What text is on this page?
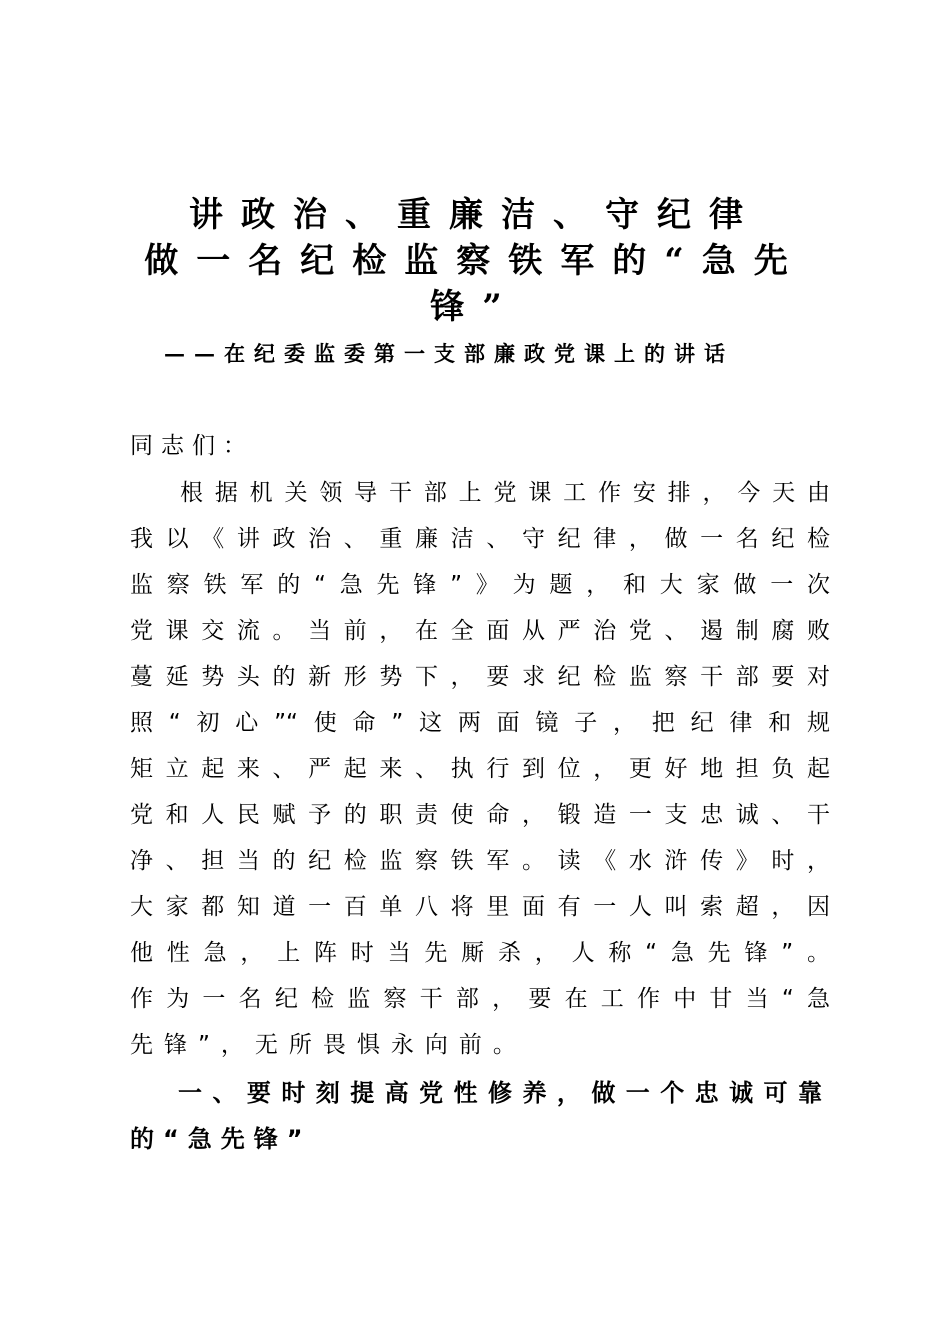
讲政治、重廉洁、守纪律
做一名纪检监察铁军的“急先
锋”
——在纪委监委第一支部廉政党课上的讲话
同志们：
根据机关领导干部上党课工作安排，今天由
我以《讲政治、重廉洁、守纪律，做一名纪检
监察铁军的“急先锋”》为题，和大家做一次
党课交流。当前，在全面从严治党、遏制腐败
蔓延势头的新形势下，要求纪检监察干部要对
照“初心”“使命”这两面镜子，把纪律和规
矩立起来、严起来、执行到位，更好地担负起
党和人民赋予的职责使命，锻造一支忠诚、干
净、担当的纪检监察铁军。读《水浒传》时，
大家都知道一百单八将里面有一人叫索超，因
他性急，上阵时当先厮杀，人称“急先锋”。
作为一名纪检监察干部，要在工作中甘当“急
先锋”，无所畏惧永向前。
一、要时刻提高党性修养，做一个忠诚可靠
的“急先锋”
